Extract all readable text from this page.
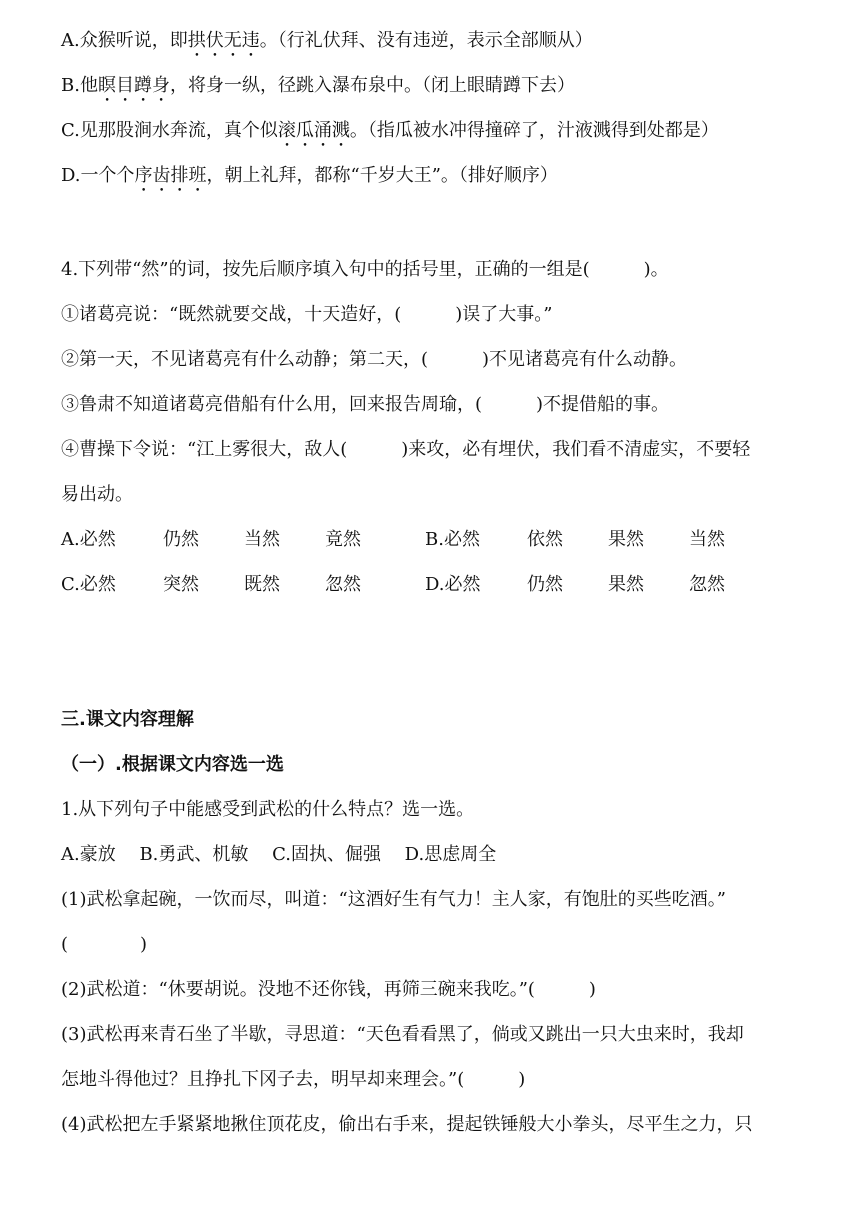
A.众猴听说，即拱伏无违。（行礼伏拜、没有违逆，表示全部顺从）
B.他瞑目蹲身，将身一纵，径跳入瀑布泉中。（闭上眼睛蹲下去）
C.见那股涧水奔流，真个似滚瓜涌溅。（指瓜被水冲得撞碎了，汁液溅得到处都是）
D.一个个序齿排班，朝上礼拜，都称“千岁大王”。（排好顺序）
4.下列带“然”的词，按先后顺序填入句中的括号里，正确的一组是(　　　)。
①诸葛亮说：“既然就要交战，十天造好，(　　　)误了大事。”
②第一天，不见诸葛亮有什么动静；第二天，(　　　)不见诸葛亮有什么动静。
③鲁肃不知道诸葛亮借船有什么用，回来报告周瑜，(　　　)不提借船的事。
④曹操下令说：“江上雾很大，敌人(　　　)来攻，必有埋伏，我们看不清虚实，不要轻
易出动。
A.必然	仍然	当然	竟然	B.必然	依然	果然	当然
C.必然	突然	既然	忽然	D.必然	仍然	果然	忽然
三.课文内容理解
（一）.根据课文内容选一选
1.从下列句子中能感受到武松的什么特点？选一选。
A.豪放　 B.勇武、机敏　 C.固执、倔强　 D.思虑周全
(1)武松拿起碗，一饮而尽，叫道：“这酒好生有气力！主人家，有饱肚的买些吃酒。”
(　　　　)
(2)武松道：“休要胡说。没地不还你钱，再筛三碗来我吃。”(　　　)
(3)武松再来青石坐了半歇，寻思道：“天色看看黑了，倘或又跳出一只大虫来时，我却
怎地斗得他过？且挣扎下冈子去，明早却来理会。”(　　　)
(4)武松把左手紧紧地揪住顶花皮，偷出右手来，提起铁锤般大小拳头，尽平生之力，只
